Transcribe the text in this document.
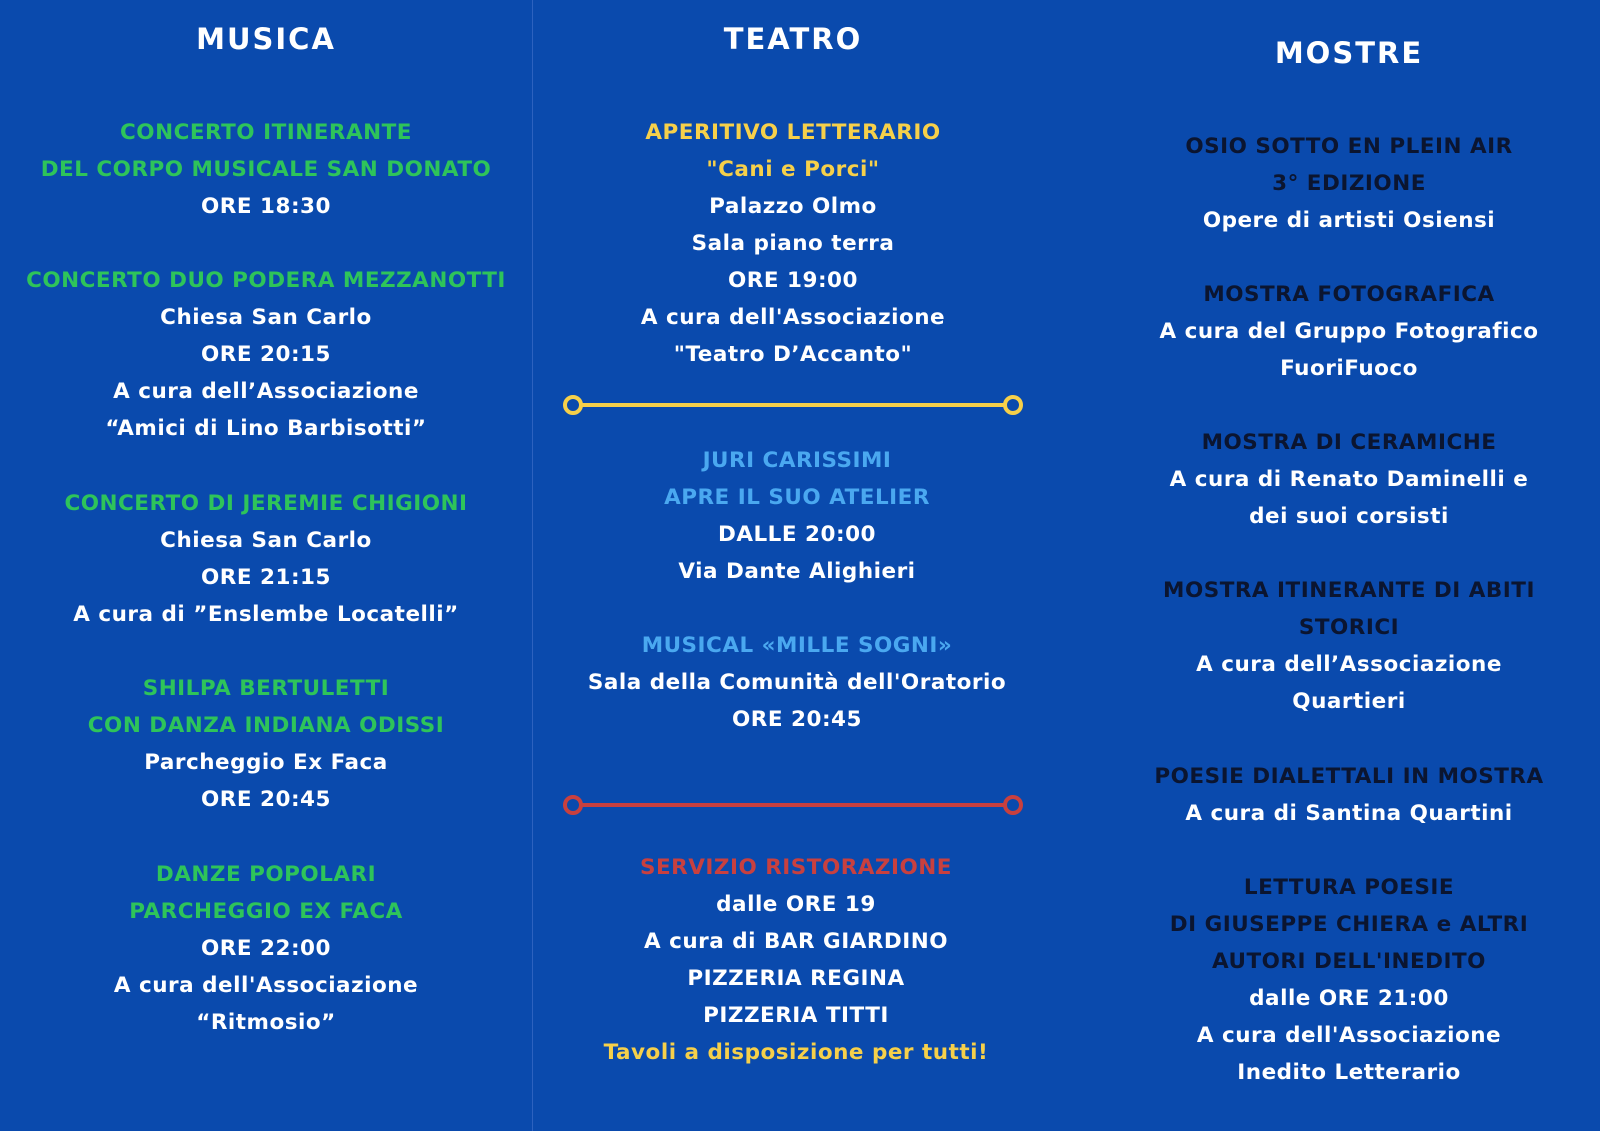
MUSICA
CONCERTO ITINERANTE
DEL CORPO MUSICALE SAN DONATO
ORE 18:30
CONCERTO DUO PODERA MEZZANOTTI
Chiesa San Carlo
ORE 20:15
A cura dell’Associazione
“Amici di Lino Barbisotti”
CONCERTO DI JEREMIE CHIGIONI
Chiesa San Carlo
ORE 21:15
A cura di ”Enslembe Locatelli”
SHILPA BERTULETTI
CON DANZA INDIANA ODISSI
Parcheggio Ex Faca
ORE 20:45
DANZE POPOLARI
PARCHEGGIO EX FACA
ORE 22:00
A cura dell'Associazione
“Ritmosio”
TEATRO
APERITIVO LETTERARIO
"Cani e Porci"
Palazzo Olmo
Sala piano terra
ORE 19:00
A cura dell'Associazione
"Teatro D’Accanto"
JURI CARISSIMI
APRE IL SUO ATELIER
DALLE 20:00
Via Dante Alighieri
MUSICAL «MILLE SOGNI»
Sala della Comunità dell'Oratorio
ORE 20:45
SERVIZIO RISTORAZIONE
dalle ORE 19
A cura di BAR GIARDINO
PIZZERIA REGINA
PIZZERIA TITTI
Tavoli a disposizione per tutti!
MOSTRE
OSIO SOTTO EN PLEIN AIR
3° EDIZIONE
Opere di artisti Osiensi
MOSTRA FOTOGRAFICA
A cura del Gruppo Fotografico
FuoriFuoco
MOSTRA DI CERAMICHE
A cura di Renato Daminelli e
dei suoi corsisti
MOSTRA ITINERANTE DI ABITI
STORICI
A cura dell’Associazione
Quartieri
POESIE DIALETTALI IN MOSTRA
A cura di Santina Quartini
LETTURA POESIE
DI GIUSEPPE CHIERA e ALTRI
AUTORI DELL'INEDITO
dalle ORE 21:00
A cura dell'Associazione
Inedito Letterario
